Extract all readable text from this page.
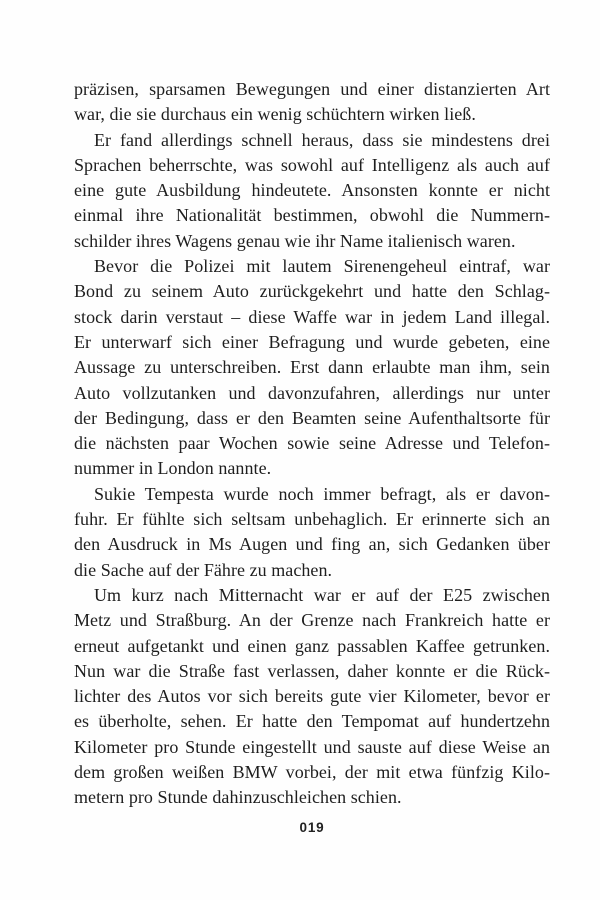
präzisen, sparsamen Bewegungen und einer distanzierten Art
war, die sie durchaus ein wenig schüchtern wirken ließ.
Er fand allerdings schnell heraus, dass sie mindestens drei
Sprachen beherrschte, was sowohl auf Intelligenz als auch auf
eine gute Ausbildung hindeutete. Ansonsten konnte er nicht
einmal ihre Nationalität bestimmen, obwohl die Nummern-
schilder ihres Wagens genau wie ihr Name italienisch waren.
Bevor die Polizei mit lautem Sirenengeheul eintraf, war
Bond zu seinem Auto zurückgekehrt und hatte den Schlag-
stock darin verstaut – diese Waffe war in jedem Land illegal.
Er unterwarf sich einer Befragung und wurde gebeten, eine
Aussage zu unterschreiben. Erst dann erlaubte man ihm, sein
Auto vollzutanken und davonzufahren, allerdings nur unter
der Bedingung, dass er den Beamten seine Aufenthaltsorte für
die nächsten paar Wochen sowie seine Adresse und Telefon-
nummer in London nannte.
Sukie Tempesta wurde noch immer befragt, als er davon-
fuhr. Er fühlte sich seltsam unbehaglich. Er erinnerte sich an
den Ausdruck in Ms Augen und fing an, sich Gedanken über
die Sache auf der Fähre zu machen.
Um kurz nach Mitternacht war er auf der E25 zwischen
Metz und Straßburg. An der Grenze nach Frankreich hatte er
erneut aufgetankt und einen ganz passablen Kaffee getrunken.
Nun war die Straße fast verlassen, daher konnte er die Rück-
lichter des Autos vor sich bereits gute vier Kilometer, bevor er
es überholte, sehen. Er hatte den Tempomat auf hundertzehn
Kilometer pro Stunde eingestellt und sauste auf diese Weise an
dem großen weißen BMW vorbei, der mit etwa fünfzig Kilo-
metern pro Stunde dahinzuschleichen schien.
019
